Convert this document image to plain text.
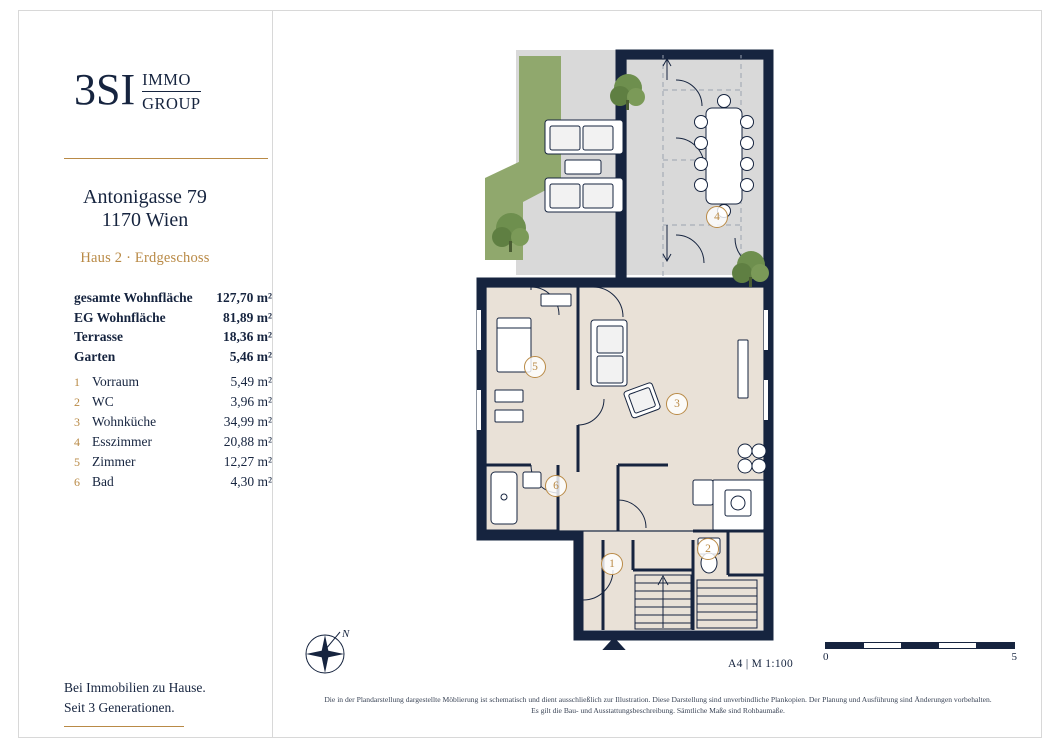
3SI IMMO
GROUP
Antonigasse 79
1170 Wien
Haus 2 · Erdgeschoss
gesamte Wohnfläche	127,70 m²
EG Wohnfläche	81,89 m²
Terrasse	18,36 m²
Garten	5,46 m²
1 Vorraum	5,49 m²
2 WC	3,96 m²
3 Wohnküche	34,99 m²
4 Esszimmer	20,88 m²
5 Zimmer	12,27 m²
6 Bad	4,30 m²
Bei Immobilien zu Hause.
Seit 3 Generationen.
1
2
3
4
5
6
N
A4 | M 1:100
0	5
Die in der Plandarstellung dargestellte Möblierung ist schematisch und dient ausschließlich zur Illustration. Diese Darstellung sind unverbindliche Plankopien. Der Planung und Ausführung sind Änderungen vorbehalten.
Es gilt die Bau- und Ausstattungsbeschreibung. Sämtliche Maße sind Rohbaumaße.
